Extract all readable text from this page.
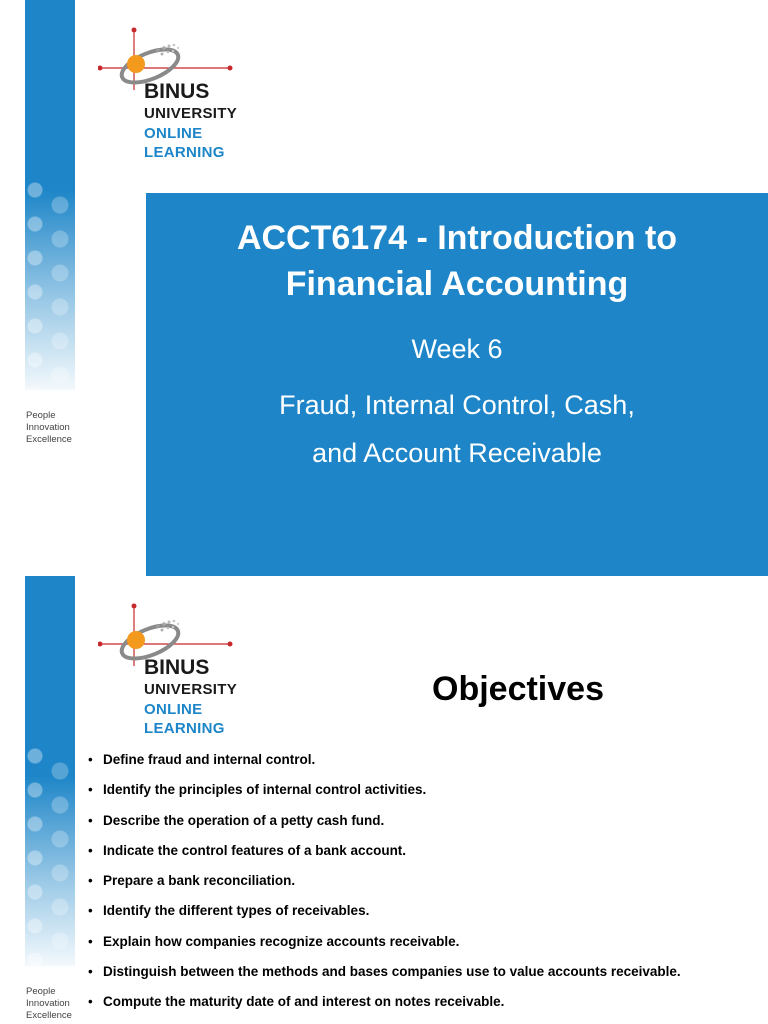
BINUS
UNIVERSITY
ONLINE
LEARNING
People
Innovation
Excellence
ACCT6174 - Introduction to
Financial Accounting
Week 6
Fraud, Internal Control, Cash,
and Account Receivable
BINUS
UNIVERSITY
ONLINE
LEARNING
People
Innovation
Excellence
Objectives
• Define fraud and internal control.
• Identify the principles of internal control activities.
• Describe the operation of a petty cash fund.
• Indicate the control features of a bank account.
• Prepare a bank reconciliation.
• Identify the different types of receivables.
• Explain how companies recognize accounts receivable.
• Distinguish between the methods and bases companies use to value accounts receivable.
• Compute the maturity date of and interest on notes receivable.
